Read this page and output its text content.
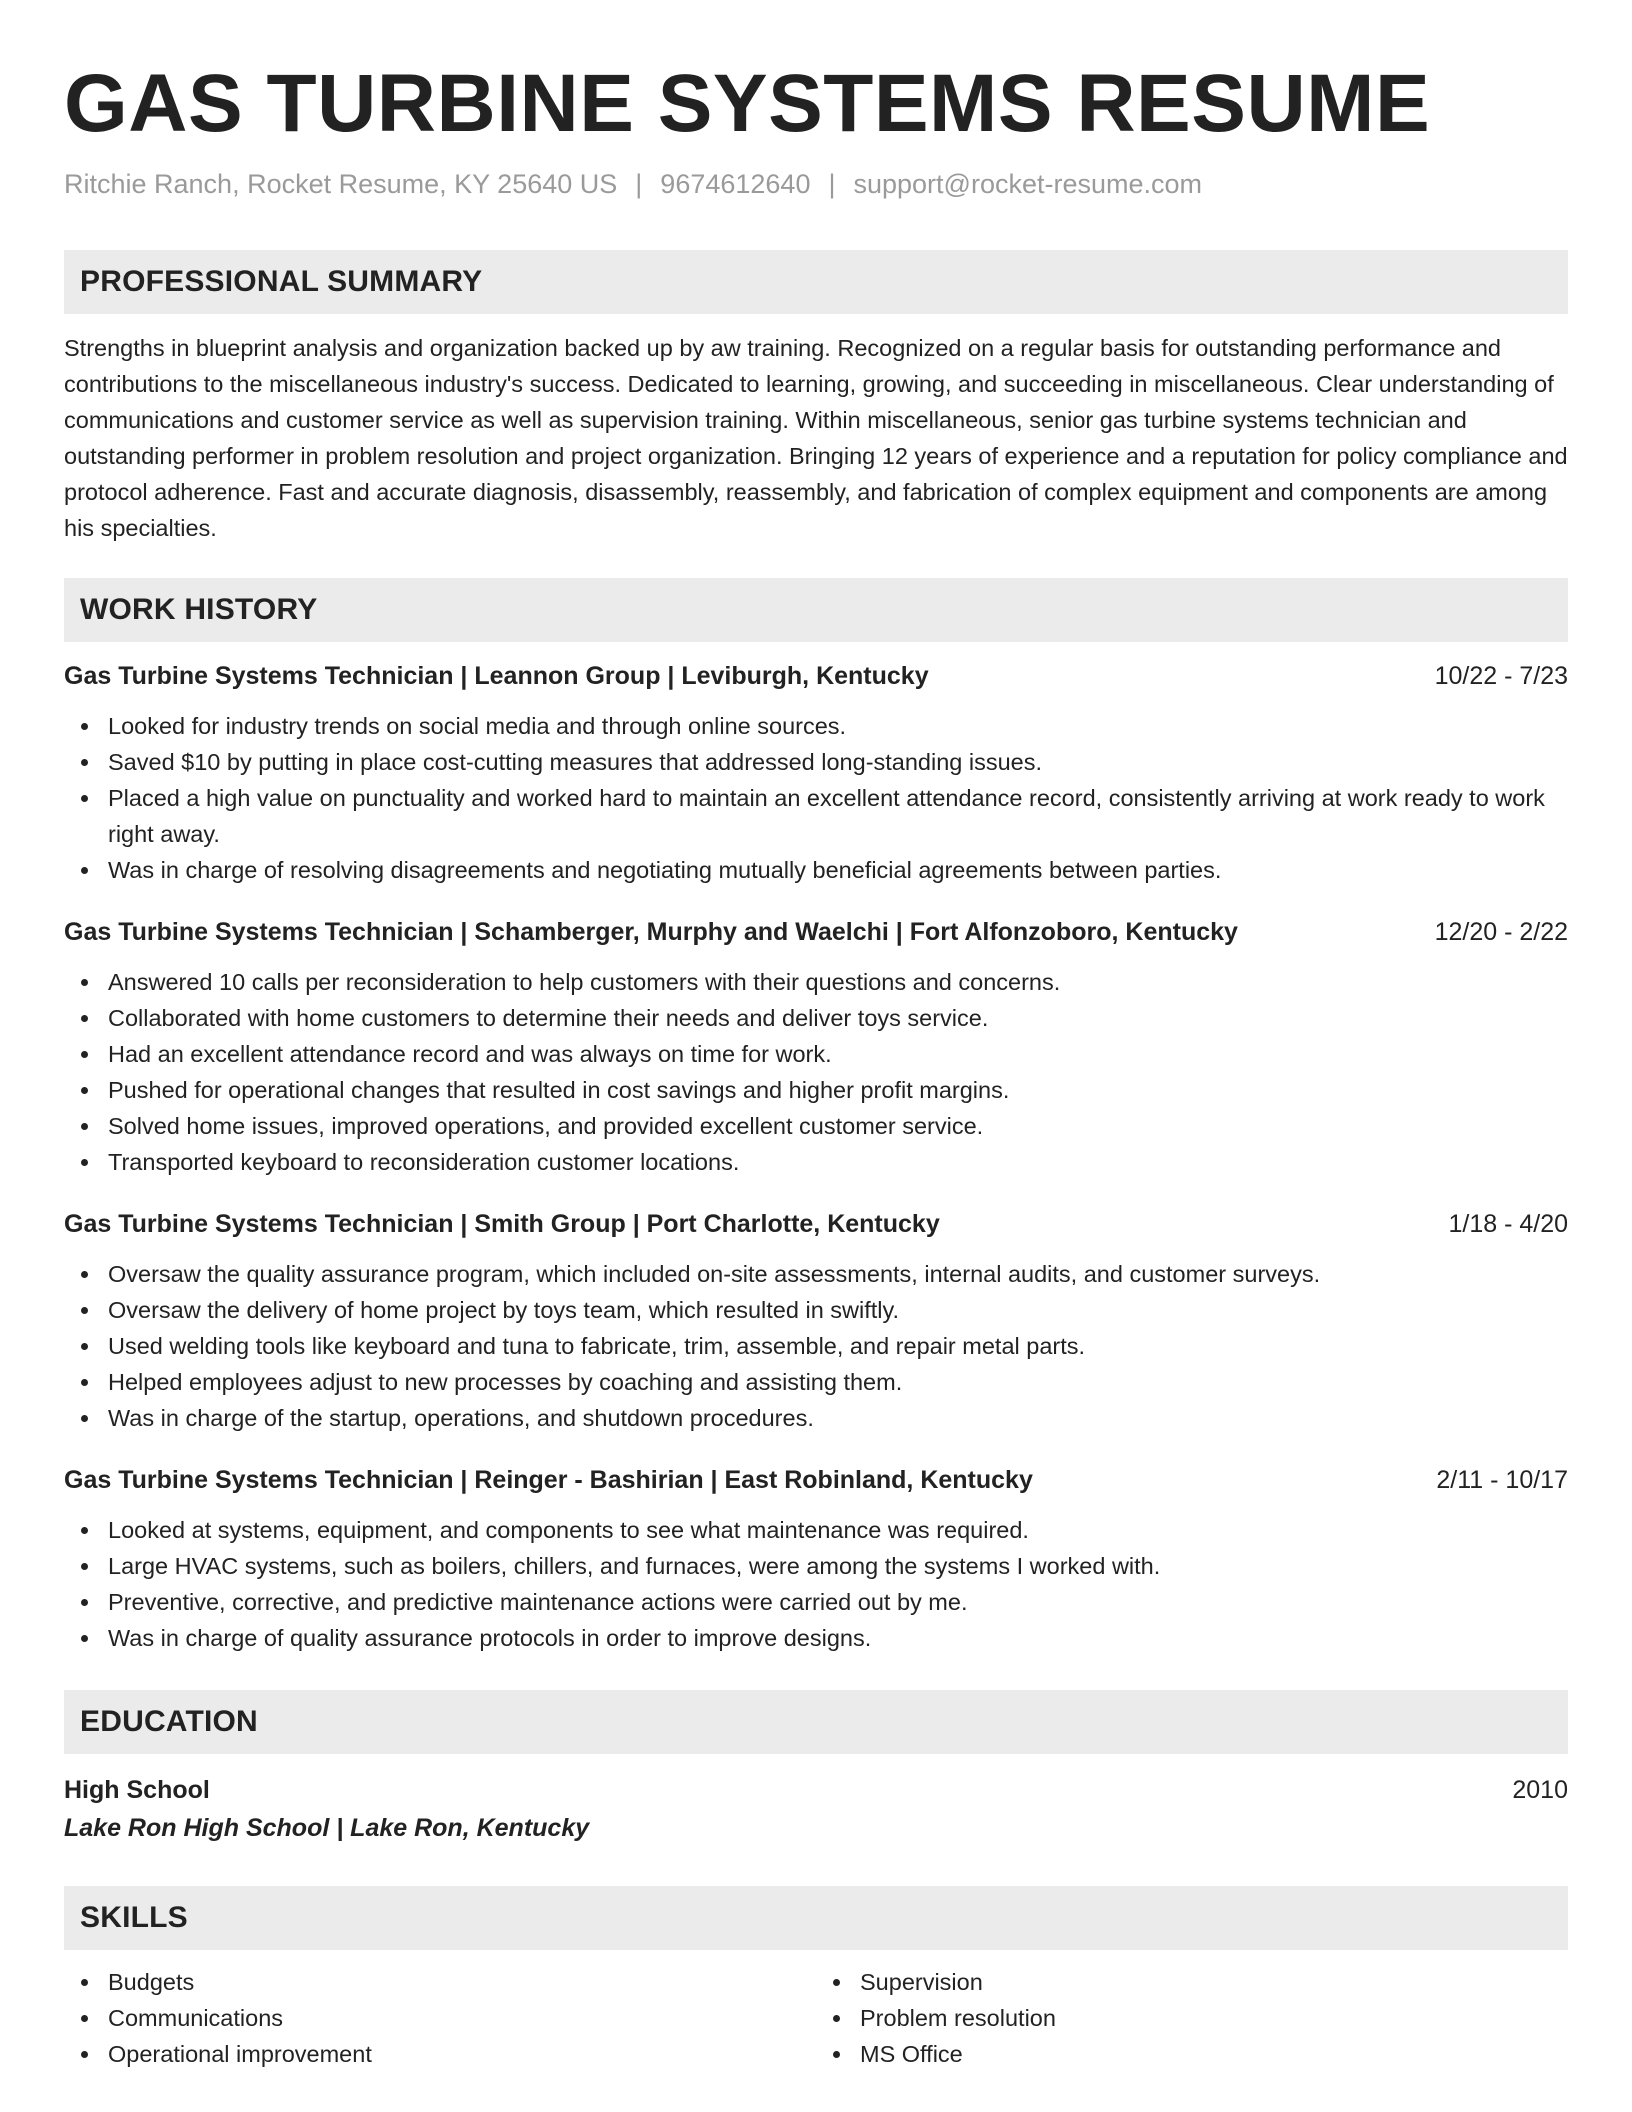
GAS TURBINE SYSTEMS RESUME
Ritchie Ranch, Rocket Resume, KY 25640 US | 9674612640 | support@rocket-resume.com
PROFESSIONAL SUMMARY

Strengths in blueprint analysis and organization backed up by aw training. Recognized on a regular basis for outstanding performance and contributions to the miscellaneous industry's success. Dedicated to learning, growing, and succeeding in miscellaneous. Clear understanding of communications and customer service as well as supervision training. Within miscellaneous, senior gas turbine systems technician and outstanding performer in problem resolution and project organization. Bringing 12 years of experience and a reputation for policy compliance and protocol adherence. Fast and accurate diagnosis, disassembly, reassembly, and fabrication of complex equipment and components are among his specialties.

WORK HISTORY
Gas Turbine Systems Technician | Leannon Group | Leviburgh, Kentucky	10/22 - 7/23
Looked for industry trends on social media and through online sources.
Saved $10 by putting in place cost-cutting measures that addressed long-standing issues.
Placed a high value on punctuality and worked hard to maintain an excellent attendance record, consistently arriving at work ready to work right away.
Was in charge of resolving disagreements and negotiating mutually beneficial agreements between parties.
Gas Turbine Systems Technician | Schamberger, Murphy and Waelchi | Fort Alfonzoboro, Kentucky	12/20 - 2/22
Answered 10 calls per reconsideration to help customers with their questions and concerns.
Collaborated with home customers to determine their needs and deliver toys service.
Had an excellent attendance record and was always on time for work.
Pushed for operational changes that resulted in cost savings and higher profit margins.
Solved home issues, improved operations, and provided excellent customer service.
Transported keyboard to reconsideration customer locations.
Gas Turbine Systems Technician | Smith Group | Port Charlotte, Kentucky	1/18 - 4/20
Oversaw the quality assurance program, which included on-site assessments, internal audits, and customer surveys.
Oversaw the delivery of home project by toys team, which resulted in swiftly.
Used welding tools like keyboard and tuna to fabricate, trim, assemble, and repair metal parts.
Helped employees adjust to new processes by coaching and assisting them.
Was in charge of the startup, operations, and shutdown procedures.
Gas Turbine Systems Technician | Reinger - Bashirian | East Robinland, Kentucky	2/11 - 10/17
Looked at systems, equipment, and components to see what maintenance was required.
Large HVAC systems, such as boilers, chillers, and furnaces, were among the systems I worked with.
Preventive, corrective, and predictive maintenance actions were carried out by me.
Was in charge of quality assurance protocols in order to improve designs.
EDUCATION
High School	2010
Lake Ron High School | Lake Ron, Kentucky
SKILLS
Budgets
Communications
Operational improvement
Supervision
Problem resolution
MS Office
